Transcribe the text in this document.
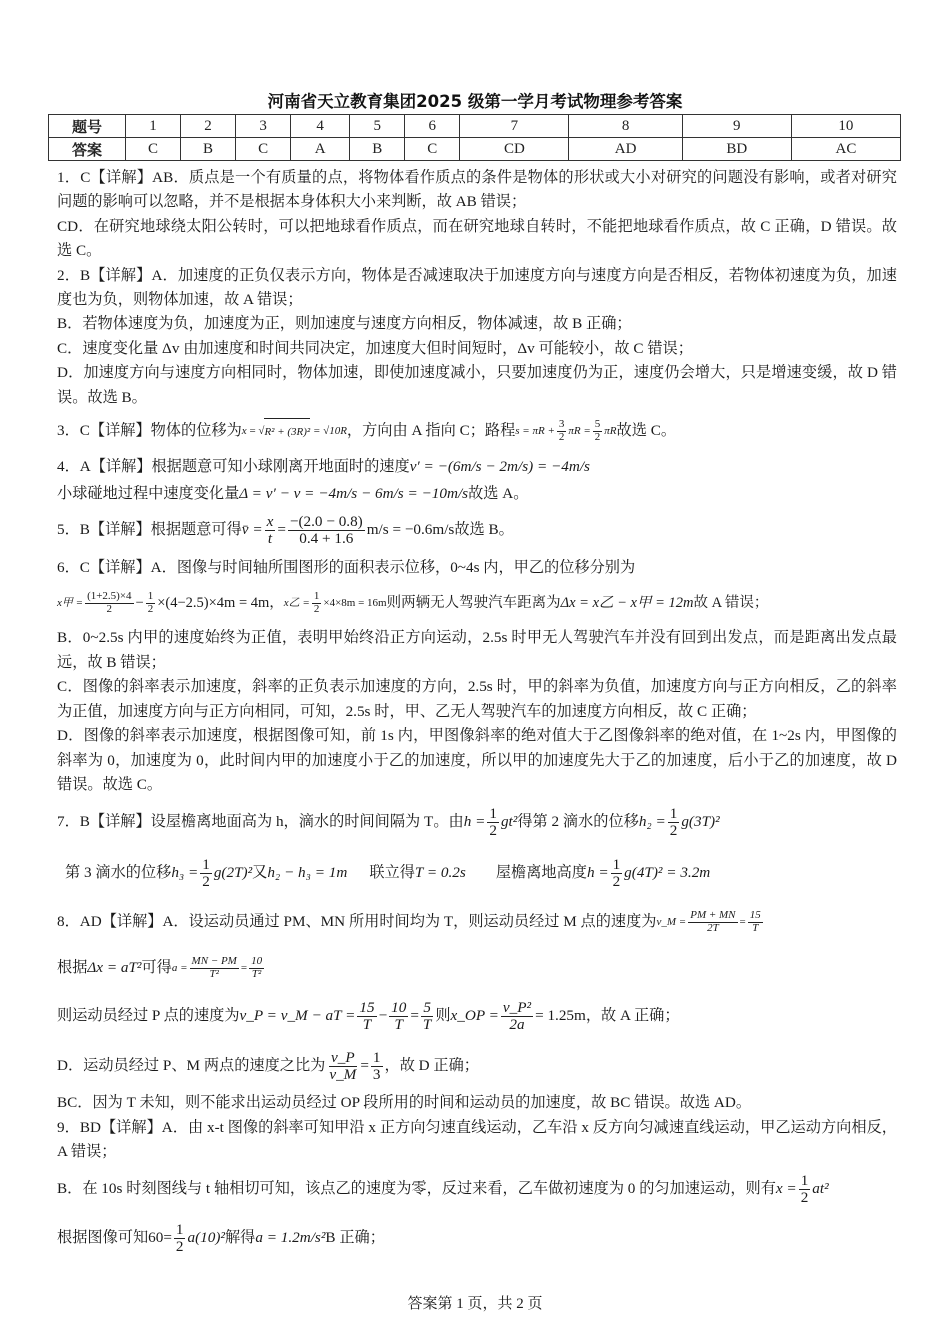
河南省天立教育集团2025 级第一学月考试物理参考答案
题号	1	2	3	4	5	6	7	8	9	10
答案	C	B	C	A	B	C	CD	AD	BD	AC

1．C【详解】AB．质点是一个有质量的点，将物体看作质点的条件是物体的形状或大小对研究的问题没有影响，或者对研究问题的影响可以忽略，并不是根据本身体积大小来判断，故 AB 错误；

CD．在研究地球绕太阳公转时，可以把地球看作质点，而在研究地球自转时，不能把地球看作质点，故 C 正确，D 错误。故选 C。

2．B【详解】A．加速度的正负仅表示方向，物体是否减速取决于加速度方向与速度方向是否相反，若物体初速度为负，加速度也为负，则物体加速，故 A 错误；

B．若物体速度为负，加速度为正，则加速度与速度方向相反，物体减速，故 B 正确；

C．速度变化量 Δv 由加速度和时间共同决定，加速度大但时间短时，Δv 可能较小，故 C 错误；

D．加速度方向与速度方向相同时，物体加速，即使加速度减小，只要加速度仍为正，速度仍会增大，只是增速变缓，故 D 错误。故选 B。

3．C【详解】物体的位移为 x = √ R² + (3R)²
= √10R ，方向由 A 指向 C；路程 $s = \pi R + \frac{3}{2}$ $\pi R = \frac{5}{2}$ πR 故选 C。
4．A【详解】根据题意可知小球刚离开地面时的速度 v′ = −(6m/s − 2m/s) = −4m/s
小球碰地过程中速度变化量 Δ = v′ − v = −4m/s − 6m/s = −10m/s 故选 A。
5．B【详解】根据题意可得 v̄ = $\frac{x}{t} = \frac{-(2.0 - 0.8)}{0.4 + 1.6} m/s = -0.6m/s$ 故选 B。

6．C【详解】A．图像与时间轴所围图形的面积表示位移，0~4s 内，甲乙的位移分别为

x甲 = $\frac{(1+2.5)\times 4}{2} - \frac{1}{2} \times(4-2.5)\times 4m = 4m$ ， x乙 = $\frac{1}{2} \times 4\times 8m = 16m$ 则两辆无人驾驶汽车距离为 Δx = x乙 − x甲 = 12m 故 A 错误；

B．0~2.5s 内甲的速度始终为正值，表明甲始终沿正方向运动，2.5s 时甲无人驾驶汽车并没有回到出发点，而是距离出发点最远，故 B 错误；

C．图像的斜率表示加速度，斜率的正负表示加速度的方向，2.5s 时，甲的斜率为负值，加速度方向与正方向相反，乙的斜率为正值，加速度方向与正方向相同，可知，2.5s 时，甲、乙无人驾驶汽车的加速度方向相反，故 C 正确；

D．图像的斜率表示加速度，根据图像可知，前 1s 内，甲图像斜率的绝对值大于乙图像斜率的绝对值，在 1~2s 内，甲图像的斜率为 0，加速度为 0，此时间内甲的加速度小于乙的加速度，所以甲的加速度先大于乙的加速度，后小于乙的加速度，故 D 错误。故选 C。

7．B【详解】设屋檐离地面高为 h，滴水的时间间隔为 T。由 $h = \frac{1}{2} gt^2$ 得第 2 滴水的位移 $h_2 = \frac{1}{2} g(3T)^2$
第 3 滴水的位移 $h_3 = \frac{1}{2} g(2T)^2$ 又 h₂ − h₃ = 1m 联立得 T = 0.2s 屋檐离地高度 $h = \frac{1}{2} g(4T)^2 = 3.2m$
8．AD【详解】A．设运动员通过 PM、MN 所用时间均为 T，则运动员经过 M 点的速度为 v_M = $\frac{PM + MN}{2T} = \frac{15}{T}$
根据 Δx = aT² 可得 $a = \frac{MN - PM}{\text{T²}} = \frac{10}{\text{T²}}$
则运动员经过 P 点的速度为 v_P = v_M − aT = $\frac{15}{T} - \frac{10}{T} = \frac{5}{T}$ 则 x_OP = $\frac{\text{v\_P²}}{2a} = 1.25m$ ，故 A 正确；
D．运动员经过 P、M 两点的速度之比为 $\frac{v\_P}{v\_M} = \frac{1}{3}$ ，故 D 正确；

BC．因为 T 未知，则不能求出运动员经过 OP 段所用的时间和运动员的加速度，故 BC 错误。故选 AD。

9．BD【详解】A．由 x-t 图像的斜率可知甲沿 x 正方向匀速直线运动，乙车沿 x 反方向匀减速直线运动，甲乙运动方向相反，A 错误；

B．在 10s 时刻图线与 t 轴相切可知，该点乙的速度为零，反过来看，乙车做初速度为 0 的匀加速运动，则有 $x = \frac{1}{2} at^2$
根据图像可知 $60= \frac{1}{2} a(10)^2$ 解得 a = 1.2m/s² B 正确；
答案第 1 页，共 2 页
